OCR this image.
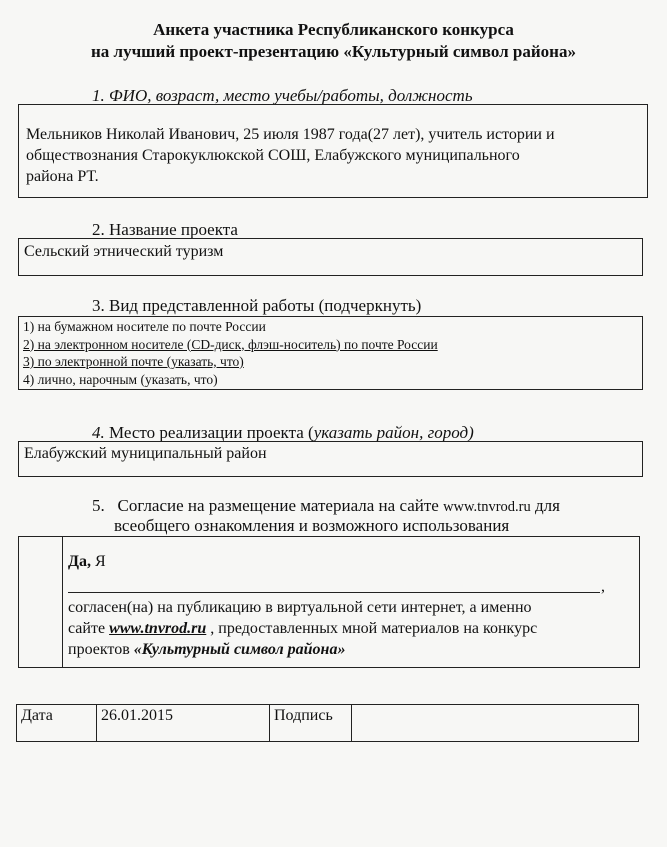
Анкета участника Республиканского конкурса
на лучший проект-презентацию «Культурный символ района»
1. ФИО, возраст, место учебы/работы, должность
Мельников Николай Иванович, 25 июля 1987 года(27 лет), учитель истории и
обществознания Старокуклюкской СОШ, Елабужского муниципального
района РТ.
2. Название проекта
Сельский этнический туризм
3. Вид представленной работы (подчеркнуть)
1) на бумажном носителе по почте России
2) на электронном носителе (CD-диск, флэш-носитель) по почте России
3) по электронной почте (указать, что)
4) лично, нарочным (указать, что)
4. Место реализации проекта (указать район, город)
Елабужский муниципальный район
5. Согласие на размещение материала на сайте www.tnvrod.ru для
всеобщего ознакомления и возможного использования
Да, Я
,
согласен(на) на публикацию в виртуальной сети интернет, а именно
сайте www.tnvrod.ru , предоставленных мной материалов на конкурс
проектов «Культурный символ района»
Дата	26.01.2015	Подпись
